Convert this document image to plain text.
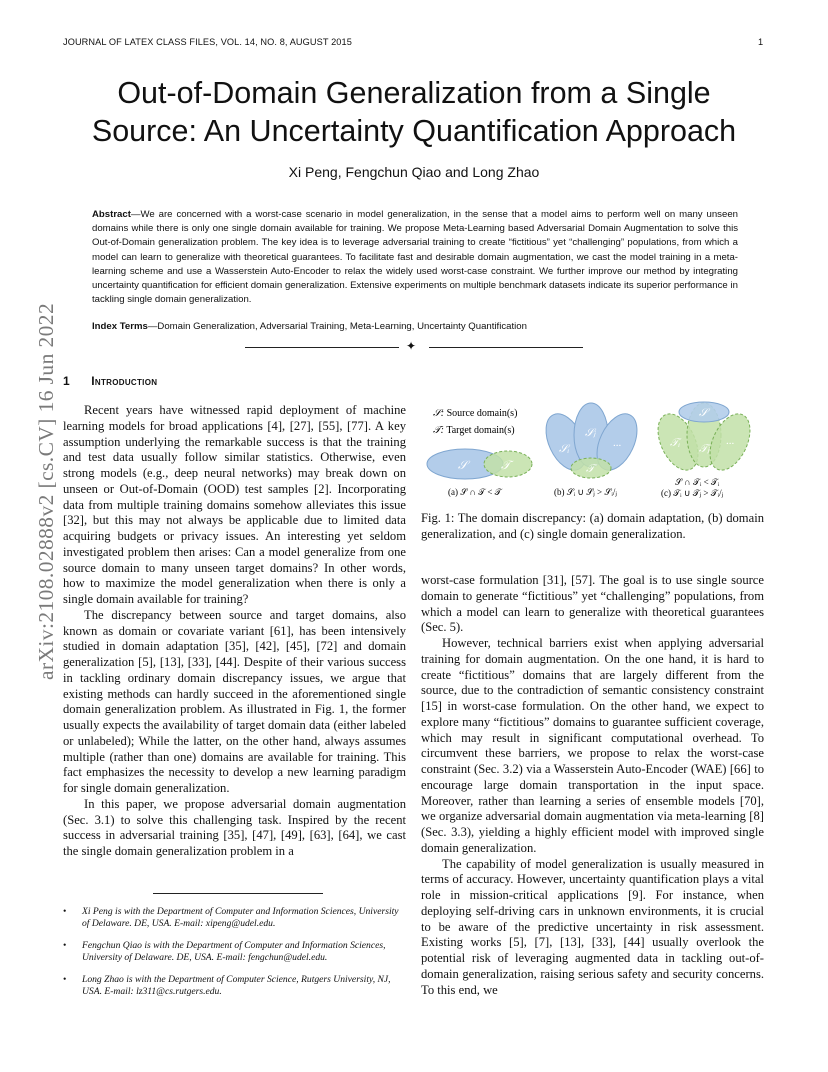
JOURNAL OF LATEX CLASS FILES, VOL. 14, NO. 8, AUGUST 2015	1
Out-of-Domain Generalization from a Single
Source: An Uncertainty Quantification Approach
Xi Peng, Fengchun Qiao and Long Zhao
Abstract—We are concerned with a worst-case scenario in model generalization, in the sense that a model aims to perform well on many unseen domains while there is only one single domain available for training. We propose Meta-Learning based Adversarial Domain Augmentation to solve this Out-of-Domain generalization problem. The key idea is to leverage adversarial training to create “fictitious” yet “challenging” populations, from which a model can learn to generalize with theoretical guarantees. To facilitate fast and desirable domain augmentation, we cast the model training in a meta-learning scheme and use a Wasserstein Auto-Encoder to relax the widely used worst-case constraint. We further improve our method by integrating uncertainty quantification for efficient domain generalization. Extensive experiments on multiple benchmark datasets indicate its superior performance in tackling single domain generalization.
Index Terms—Domain Generalization, Adversarial Training, Meta-Learning, Uncertainty Quantification
✦
arXiv:2108.02888v2 [cs.CV] 16 Jun 2022 1 Introduction

Recent years have witnessed rapid deployment of machine learning models for broad applications [4], [27], [55], [77]. A key assumption underlying the remarkable success is that the training and test data usually follow similar statistics. Otherwise, even strong models (e.g., deep neural networks) may break down on unseen or Out-of-Domain (OOD) test samples [2]. Incorporating data from multiple training domains somehow alleviates this issue [32], but this may not always be applicable due to limited data acquiring budgets or privacy issues. An interesting yet seldom investigated problem then arises: Can a model generalize from one source domain to many unseen target domains? In other words, how to maximize the model generalization when there is only a single domain available for training?

The discrepancy between source and target domains, also known as domain or covariate variant [61], has been intensively studied in domain adaptation [35], [42], [45], [72] and domain generalization [5], [13], [33], [44]. Despite of their various success in tackling ordinary domain discrepancy issues, we argue that existing methods can hardly succeed in the aforementioned single domain generalization problem. As illustrated in Fig. 1, the former usually expects the availability of target domain data (either labeled or unlabeled); While the latter, on the other hand, always assumes multiple (rather than one) domains are available for training. This fact emphasizes the necessity to develop a new learning paradigm for single domain generalization.

In this paper, we propose adversarial domain augmentation (Sec. 3.1) to solve this challenging task. Inspired by the recent success in adversarial training [35], [47], [49], [63], [64], we cast the single domain generalization problem in a

• Xi Peng is with the Department of Computer and Information Sciences, University of Delaware. DE, USA. E-mail: xipeng@udel.edu.
• Fengchun Qiao is with the Department of Computer and Information Sciences, University of Delaware. DE, USA. E-mail: fengchun@udel.edu.
• Long Zhao is with the Department of Computer Science, Rutgers University, NJ, USA. E-mail: lz311@cs.rutgers.edu.
𝒮: Source domain(s)
𝒯: Target domain(s)
𝒮	𝒯
(a) 𝒮 ∩ 𝒯 < 𝒯
𝒮ᵢ
𝒮ⱼ
...
𝒯
(b) 𝒮ᵢ ∪ 𝒮ⱼ > 𝒮ᵢ/ⱼ
𝒮
𝒯ᵢ 𝒯ⱼ
...
𝒮 ∩ 𝒯ᵢ < 𝒯ᵢ
(c) 𝒯ᵢ ∪ 𝒯ⱼ > 𝒯ᵢ/ⱼ
Fig. 1: The domain discrepancy: (a) domain adaptation, (b) domain generalization, and (c) single domain generalization.

worst-case formulation [31], [57]. The goal is to use single source domain to generate “fictitious” yet “challenging” populations, from which a model can learn to generalize with theoretical guarantees (Sec. 5).

However, technical barriers exist when applying adversarial training for domain augmentation. On the one hand, it is hard to create “fictitious” domains that are largely different from the source, due to the contradiction of semantic consistency constraint [15] in worst-case formulation. On the other hand, we expect to explore many “fictitious” domains to guarantee sufficient coverage, which may result in significant computational overhead. To circumvent these barriers, we propose to relax the worst-case constraint (Sec. 3.2) via a Wasserstein Auto-Encoder (WAE) [66] to encourage large domain transportation in the input space. Moreover, rather than learning a series of ensemble models [70], we organize adversarial domain augmentation via meta-learning [8] (Sec. 3.3), yielding a highly efficient model with improved single domain generalization.

The capability of model generalization is usually measured in terms of accuracy. However, uncertainty quantification plays a vital role in mission-critical applications [9]. For instance, when deploying self-driving cars in unknown environments, it is crucial to be aware of the predictive uncertainty in risk assessment. Existing works [5], [7], [13], [33], [44] usually overlook the potential risk of leveraging augmented data in tackling out-of-domain generalization, raising serious safety and security concerns. To this end, we
